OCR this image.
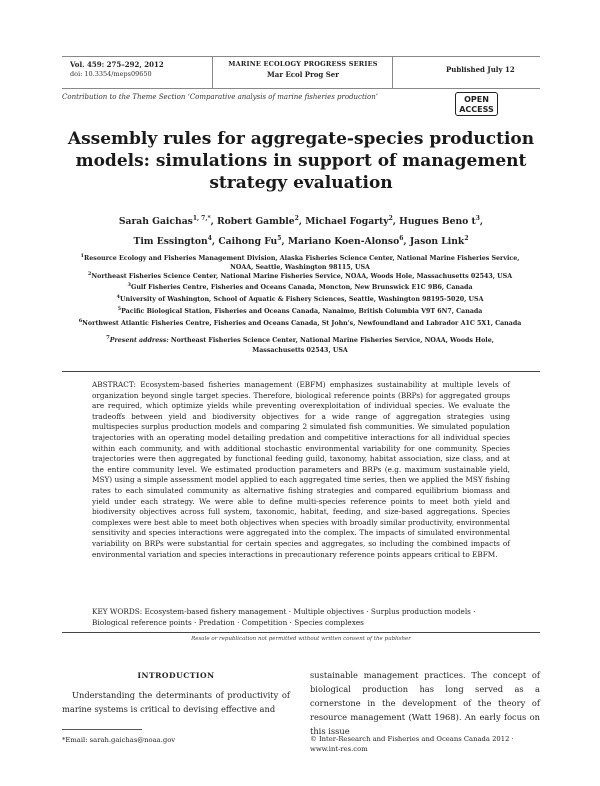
Vol. 459: 275–292, 2012
doi: 10.3354/meps09650
MARINE ECOLOGY PROGRESS SERIES
Mar Ecol Prog Ser
Published July 12
Contribution to the Theme Section ‘Comparative analysis of marine fisheries production’	OPEN
ACCESS
Assembly rules for aggregate-species production models: simulations in support of management strategy evaluation
Sarah Gaichas$^{1, 7,*}$, Robert Gamble$^2$, Michael Fogarty$^2$, Hugues Beno $t^3$,
Tim Essington$^4$, Caihong Fu$^5$, Mariano Koen-Alonso$^6$, Jason Link$^2$
$^1$Resource Ecology and Fisheries Management Division, Alaska Fisheries Science Center, National Marine Fisheries Service,
NOAA, Seattle, Washington 98115, USA
$^2$Northeast Fisheries Science Center, National Marine Fisheries Service, NOAA, Woods Hole, Massachusetts 02543, USA
$^3$Gulf Fisheries Centre, Fisheries and Oceans Canada, Moncton, New Brunswick E1C 9B6, Canada
$^4$University of Washington, School of Aquatic & Fishery Sciences, Seattle, Washington 98195-5020, USA
$^5$Pacific Biological Station, Fisheries and Oceans Canada, Nanaimo, British Columbia V9T 6N7, Canada
$^6$Northwest Atlantic Fisheries Centre, Fisheries and Oceans Canada, St John's, Newfoundland and Labrador A1C 5X1, Canada
$^7$Present address: Northeast Fisheries Science Center, National Marine Fisheries Service, NOAA, Woods Hole,
Massachusetts 02543, USA
ABSTRACT: Ecosystem-based fisheries management (EBFM) emphasizes sustainability at multiple levels of organization beyond single target species. Therefore, biological reference points (BRPs) for aggregated groups are required, which optimize yields while preventing overexploitation of individual species. We evaluate the tradeoffs between yield and biodiversity objectives for a wide range of aggregation strategies using multispecies surplus production models and comparing 2 simulated fish communities. We simulated population trajectories with an operating model detailing predation and competitive interactions for all individual species within each community, and with additional stochastic environmental variability for one community. Species trajectories were then aggregated by functional feeding guild, taxonomy, habitat association, size class, and at the entire community level. We estimated production parameters and BRPs (e.g. maximum sustainable yield, MSY) using a simple assessment model applied to each aggregated time series, then we applied the MSY fishing rates to each simulated community as alternative fishing strategies and compared equilibrium biomass and yield under each strategy. We were able to define multi-species reference points to meet both yield and biodiversity objectives across full system, taxonomic, habitat, feeding, and size-based aggregations. Species complexes were best able to meet both objectives when species with broadly similar productivity, environmental sensitivity and species interactions were aggregated into the complex. The impacts of simulated environmental variability on BRPs were substantial for certain species and aggregates, so including the combined impacts of environmental variation and species interactions in precautionary reference points appears critical to EBFM.
KEY WORDS: Ecosystem-based fishery management · Multiple objectives · Surplus production models · Biological reference points · Predation · Competition · Species complexes
Resale or republication not permitted without written consent of the publisher
INTRODUCTION
Understanding the determinants of productivity of marine systems is critical to devising effective and
sustainable management practices. The concept of biological production has long served as a cornerstone in the development of the theory of resource management (Watt 1968). An early focus on this issue
*Email: sarah.gaichas@noaa.gov	© Inter-Research and Fisheries and Oceans Canada 2012 · www.int-res.com
